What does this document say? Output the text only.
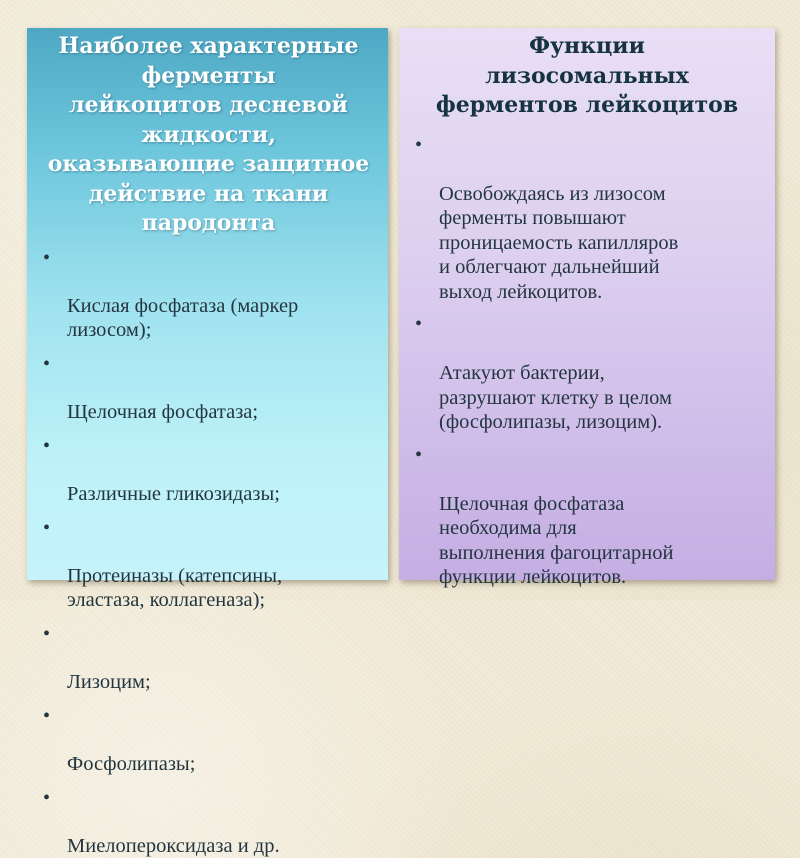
Наиболее характерные
ферменты
лейкоцитов десневой
жидкости,
оказывающие защитное
действие на ткани
пародонта

•

Кислая фосфатаза (маркер
лизосом);

•

Щелочная фосфатаза;

•

Различные гликозидазы;

•

Протеиназы (катепсины,
эластаза, коллагеназа);

•

Лизоцим;

•

Фосфолипазы;

•

Миелопероксидаза и др.

Функции
лизосомальных
ферментов лейкоцитов

•

Освобождаясь из лизосом
ферменты повышают
проницаемость капилляров
и облегчают дальнейший
выход лейкоцитов.

•

Атакуют бактерии,
разрушают клетку в целом
(фосфолипазы, лизоцим).

•

Щелочная фосфатаза
необходима для
выполнения фагоцитарной
функции лейкоцитов.
